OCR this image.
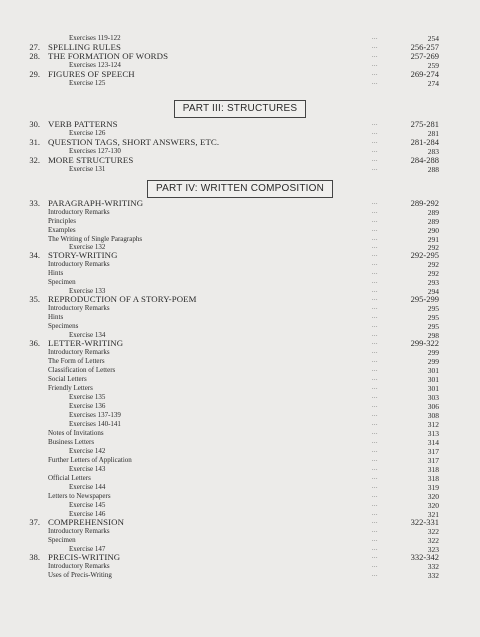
Exercises 119-122	...	254
27. SPELLING RULES	...	256-257
28. THE FORMATION OF WORDS	...	257-269
Exercises 123-124	...	259
29. FIGURES OF SPEECH	...	269-274
Exercise 125	...	274
30. VERB PATTERNS	...	275-281
Exercise 126	...	281
31. QUESTION TAGS, SHORT ANSWERS, ETC.	...	281-284
Exercises 127-130	...	283
32. MORE STRUCTURES	...	284-288
Exercise 131	...	288
33. PARAGRAPH-WRITING	...	289-292
Introductory Remarks	...	289
Principles	...	289
Examples	...	290
The Writing of Single Paragraphs	...	291
Exercise 132	...	292
34. STORY-WRITING	...	292-295
Introductory Remarks	...	292
Hints	...	292
Specimen	...	293
Exercise 133	...	294
35. REPRODUCTION OF A STORY-POEM	...	295-299
Introductory Remarks	...	295
Hints	...	295
Specimens	...	295
Exercise 134	...	298
36. LETTER-WRITING	...	299-322
Introductory Remarks	...	299
The Form of Letters	...	299
Classification of Letters	...	301
Social Letters	...	301
Friendly Letters	...	301
Exercise 135	...	303
Exercise 136	...	306
Exercises 137-139	...	308
Exercises 140-141	...	312
Notes of Invitations	...	313
Business Letters	...	314
Exercise 142	...	317
Further Letters of Application	...	317
Exercise 143	...	318
Official Letters	...	318
Exercise 144	...	319
Letters to Newspapers	...	320
Exercise 145	...	320
Exercise 146	...	321
37. COMPREHENSION	...	322-331
Introductory Remarks	...	322
Specimen	...	322
Exercise 147	...	323
38. PRECIS-WRITING	...	332-342
Introductory Remarks	...	332
Uses of Precis-Writing	...	332
PART III: STRUCTURES
PART IV: WRITTEN COMPOSITION
